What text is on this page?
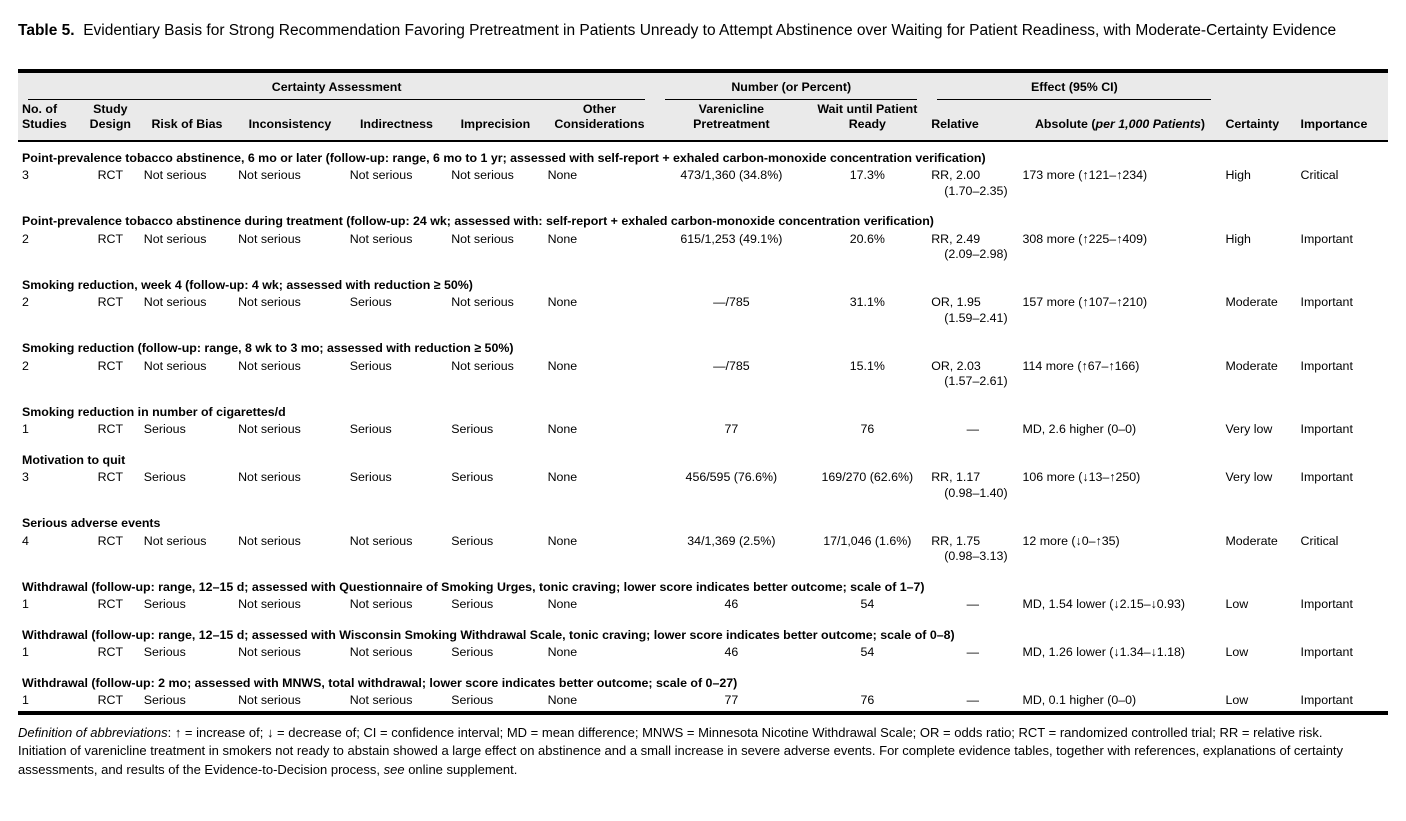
Table 5. Evidentiary Basis for Strong Recommendation Favoring Pretreatment in Patients Unready to Attempt Abstinence over Waiting for Patient Readiness, with Moderate-Certainty Evidence

Certainty Assessment							Number (or Percent)		Effect (95% CI)			

No. of Studies	Study Design	Risk of Bias	Inconsistency	Indirectness	Imprecision	Other Considerations	Varenicline Pretreatment	Wait until Patient Ready	Relative	Absolute (per 1,000 Patients)	Certainty	Importance
Point-prevalence tobacco abstinence, 6 mo or later (follow-up: range, 6 mo to 1 yr; assessed with self-report + exhaled carbon-monoxide concentration verification)												
3	RCT	Not serious	Not serious	Not serious	Not serious	None	473/1,360 (34.8%)	17.3%	RR, 2.00
(1.70–2.35)	173 more (↑121–↑234)	High	Critical
Point-prevalence tobacco abstinence during treatment (follow-up: 24 wk; assessed with: self-report + exhaled carbon-monoxide concentration verification)												
2	RCT	Not serious	Not serious	Not serious	Not serious	None	615/1,253 (49.1%)	20.6%	RR, 2.49
(2.09–2.98)	308 more (↑225–↑409)	High	Important
Smoking reduction, week 4 (follow-up: 4 wk; assessed with reduction ≥ 50%)												
2	RCT	Not serious	Not serious	Serious	Not serious	None	—/785	31.1%	OR, 1.95
(1.59–2.41)	157 more (↑107–↑210)	Moderate	Important
Smoking reduction (follow-up: range, 8 wk to 3 mo; assessed with reduction ≥ 50%)												
2	RCT	Not serious	Not serious	Serious	Not serious	None	—/785	15.1%	OR, 2.03
(1.57–2.61)	114 more (↑67–↑166)	Moderate	Important
Smoking reduction in number of cigarettes/d												
1	RCT	Serious	Not serious	Serious	Serious	None	77	76	—	MD, 2.6 higher (0–0)	Very low	Important
Motivation to quit												
3	RCT	Serious	Not serious	Serious	Serious	None	456/595 (76.6%)	169/270 (62.6%)	RR, 1.17
(0.98–1.40)	106 more (↓13–↑250)	Very low	Important
Serious adverse events												
4	RCT	Not serious	Not serious	Not serious	Serious	None	34/1,369 (2.5%)	17/1,046 (1.6%)	RR, 1.75
(0.98–3.13)	12 more (↓0–↑35)	Moderate	Critical
Withdrawal (follow-up: range, 12–15 d; assessed with Questionnaire of Smoking Urges, tonic craving; lower score indicates better outcome; scale of 1–7)												
1	RCT	Serious	Not serious	Not serious	Serious	None	46	54	—	MD, 1.54 lower (↓2.15–↓0.93)	Low	Important
Withdrawal (follow-up: range, 12–15 d; assessed with Wisconsin Smoking Withdrawal Scale, tonic craving; lower score indicates better outcome; scale of 0–8)												
1	RCT	Serious	Not serious	Not serious	Serious	None	46	54	—	MD, 1.26 lower (↓1.34–↓1.18)	Low	Important
Withdrawal (follow-up: 2 mo; assessed with MNWS, total withdrawal; lower score indicates better outcome; scale of 0–27)												
1	RCT	Serious	Not serious	Not serious	Serious	None	77	76	—	MD, 0.1 higher (0–0)	Low	Important

Definition of abbreviations: ↑ = increase of; ↓ = decrease of; CI = confidence interval; MD = mean difference; MNWS = Minnesota Nicotine Withdrawal Scale; OR = odds ratio; RCT = randomized controlled trial; RR = relative risk.

Initiation of varenicline treatment in smokers not ready to abstain showed a large effect on abstinence and a small increase in severe adverse events. For complete evidence tables, together with references, explanations of certainty assessments, and results of the Evidence-to-Decision process, see online supplement.
